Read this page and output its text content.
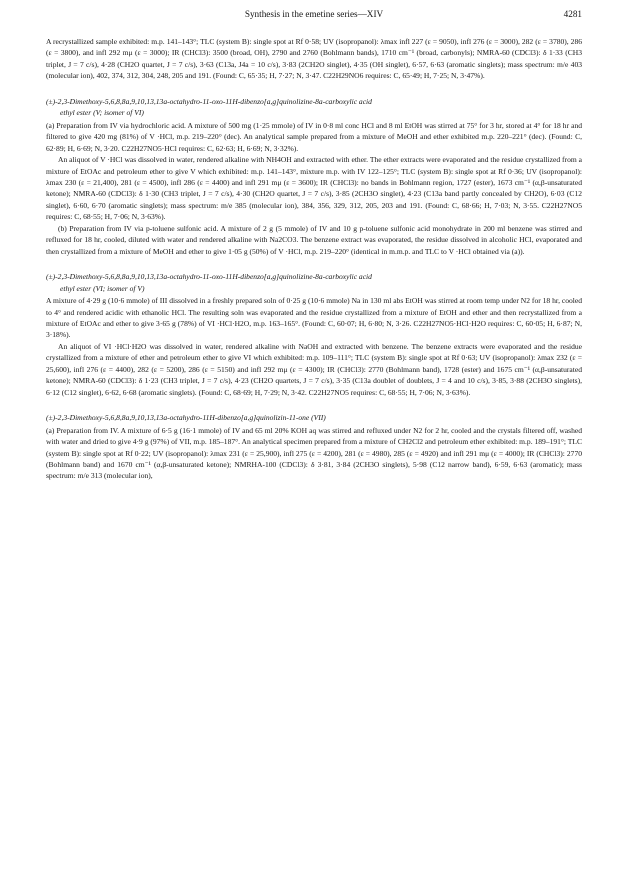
Synthesis in the emetine series—XIV	4281

A recrystallized sample exhibited: m.p. 141–143°; TLC (system B): single spot at Rf 0·58; UV (isopropanol): λmax infl 227 (ε = 9050), infl 276 (ε = 3000), 282 (ε = 3780), 286 (ε = 3800), and infl 292 mμ (ε = 3000); IR (CHCl3): 3500 (broad, OH), 2790 and 2760 (Bohlmann bands), 1710 cm⁻¹ (broad, carbonyls); NMRA-60 (CDCl3): δ 1·33 (CH3 triplet, J = 7 c/s), 4·28 (CH2O quartet, J = 7 c/s), 3·63 (C13a, J4a = 10 c/s), 3·83 (2CH2O singlet), 4·35 (OH singlet), 6·57, 6·63 (aromatic singlets); mass spectrum: m/e 403 (molecular ion), 402, 374, 312, 304, 248, 205 and 191. (Found: C, 65·35; H, 7·27; N, 3·47. C22H29NO6 requires: C, 65·49; H, 7·25; N, 3·47%).

(±)-2,3-Dimethoxy-5,6,8,8a,9,10,13,13a-octahydro-11-oxo-11H-dibenzo[a,g]quinolizine-8a-carboxylic acid
ethyl ester (V; isomer of VI)

(a) Preparation from IV via hydrochloric acid. A mixture of 500 mg (1·25 mmole) of IV in 0·8 ml conc HCl and 8 ml EtOH was stirred at 75° for 3 hr, stored at 4° for 18 hr and filtered to give 420 mg (81%) of V ·HCl, m.p. 219–220° (dec). An analytical sample prepared from a mixture of MeOH and ether exhibited m.p. 220–221° (dec). (Found: C, 62·89; H, 6·69; N, 3·20. C22H27NO5·HCl requires: C, 62·63; H, 6·69; N, 3·32%).

An aliquot of V ·HCl was dissolved in water, rendered alkaline with NH4OH and extracted with ether. The ether extracts were evaporated and the residue crystallized from a mixture of EtOAc and petroleum ether to give V which exhibited: m.p. 141–143°, mixture m.p. with IV 122–125°; TLC (system B): single spot at Rf 0·36; UV (isopropanol): λmax 230 (ε = 21,400), 281 (ε = 4500), infl 286 (ε = 4400) and infl 291 mμ (ε = 3600); IR (CHCl3): no bands in Bohlmann region, 1727 (ester), 1673 cm⁻¹ (α,β-unsaturated ketone); NMRA-60 (CDCl3): δ 1·30 (CH3 triplet, J = 7 c/s), 4·30 (CH2O quartet, J = 7 c/s), 3·85 (2CH3O singlet), 4·23 (C13a band partly concealed by CH2O), 6·03 (C12 singlet), 6·60, 6·70 (aromatic singlets); mass spectrum: m/e 385 (molecular ion), 384, 356, 329, 312, 205, 203 and 191. (Found: C, 68·66; H, 7·03; N, 3·55. C22H27NO5 requires: C, 68·55; H, 7·06; N, 3·63%).

(b) Preparation from IV via p-toluene sulfonic acid. A mixture of 2 g (5 mmole) of IV and 10 g p-toluene sulfonic acid monohydrate in 200 ml benzene was stirred and refluxed for 18 hr, cooled, diluted with water and rendered alkaline with Na2CO3. The benzene extract was evaporated, the residue dissolved in alcoholic HCl, evaporated and then crystallized from a mixture of MeOH and ether to give 1·05 g (50%) of V ·HCl, m.p. 219–220° (identical in m.m.p. and TLC to V ·HCl obtained via (a)).

(±)-2,3-Dimethoxy-5,6,8,8a,9,10,13,13a-octahydro-11-oxo-11H-dibenzo[a,g]quinolizine-8a-carboxylic acid
ethyl ester (VI; isomer of V)

A mixture of 4·29 g (10·6 mmole) of III dissolved in a freshly prepared soln of 0·25 g (10·6 mmole) Na in 130 ml abs EtOH was stirred at room temp under N2 for 18 hr, cooled to 4° and rendered acidic with ethanolic HCl. The resulting soln was evaporated and the residue crystallized from a mixture of EtOH and ether and then recrystallized from a mixture of EtOAc and ether to give 3·65 g (78%) of VI ·HCl·H2O, m.p. 163–165°. (Found: C, 60·07; H, 6·80; N, 3·26. C22H27NO5·HCl·H2O requires: C, 60·05; H, 6·87; N, 3·18%).

An aliquot of VI ·HCl·H2O was dissolved in water, rendered alkaline with NaOH and extracted with benzene. The benzene extracts were evaporated and the residue crystallized from a mixture of ether and petroleum ether to give VI which exhibited: m.p. 109–111°; TLC (system B): single spot at Rf 0·63; UV (isopropanol): λmax 232 (ε = 25,600), infl 276 (ε = 4400), 282 (ε = 5200), 286 (ε = 5150) and infl 292 mμ (ε = 4300); IR (CHCl3): 2770 (Bohlmann band), 1728 (ester) and 1675 cm⁻¹ (α,β-unsaturated ketone); NMRA-60 (CDCl3): δ 1·23 (CH3 triplet, J = 7 c/s), 4·23 (CH2O quartets, J = 7 c/s), 3·35 (C13a doublet of doublets, J = 4 and 10 c/s), 3·85, 3·88 (2CH3O singlets), 6·12 (C12 singlet), 6·62, 6·68 (aromatic singlets). (Found: C, 68·69; H, 7·29; N, 3·42. C22H27NO5 requires: C, 68·55; H, 7·06; N, 3·63%).

(±)-2,3-Dimethoxy-5,6,8,8a,9,10,13,13a-octahydro-11H-dibenzo[a,g]quinolizin-11-one (VII)

(a) Preparation from IV. A mixture of 6·5 g (16·1 mmole) of IV and 65 ml 20% KOH aq was stirred and refluxed under N2 for 2 hr, cooled and the crystals filtered off, washed with water and dried to give 4·9 g (97%) of VII, m.p. 185–187°. An analytical specimen prepared from a mixture of CH2Cl2 and petroleum ether exhibited: m.p. 189–191°; TLC (system B): single spot at Rf 0·22; UV (isopropanol): λmax 231 (ε = 25,900), infl 275 (ε = 4200), 281 (ε = 4980), 285 (ε = 4920) and infl 291 mμ (ε = 4000); IR (CHCl3): 2770 (Bohlmann band) and 1670 cm⁻¹ (α,β-unsaturated ketone); NMRHA-100 (CDCl3): δ 3·81, 3·84 (2CH3O singlets), 5·98 (C12 narrow band), 6·59, 6·63 (aromatic); mass spectrum: m/e 313 (molecular ion),
